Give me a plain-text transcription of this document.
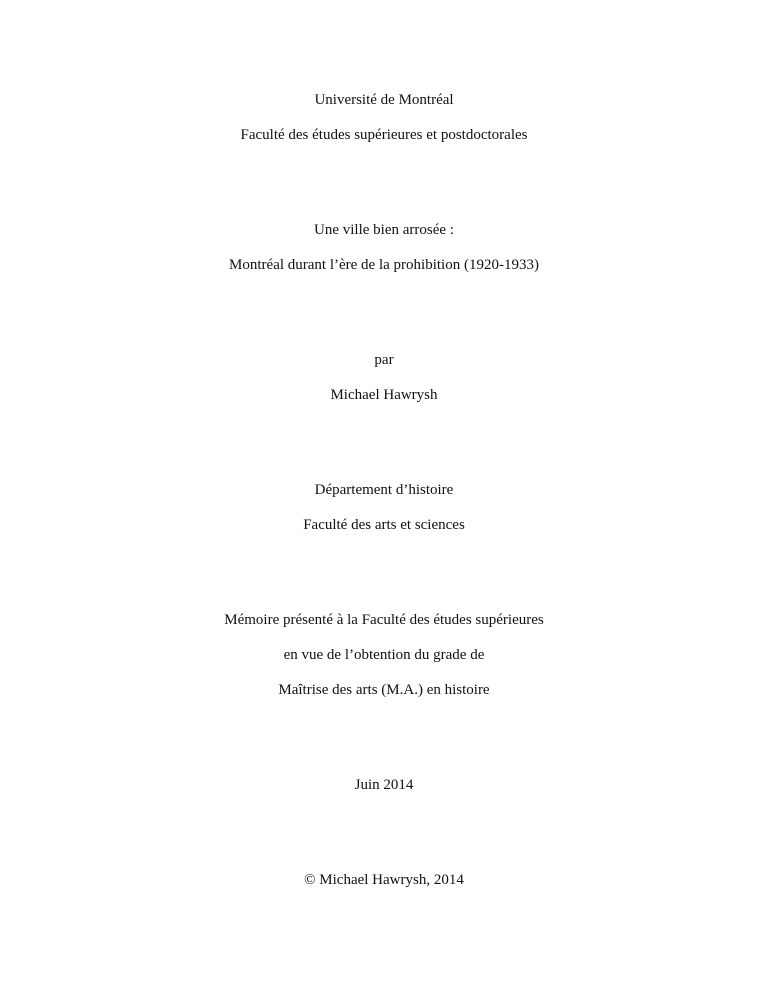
Université de Montréal
Faculté des études supérieures et postdoctorales
Une ville bien arrosée :
Montréal durant l’ère de la prohibition (1920-1933)
par
Michael Hawrysh
Département d’histoire
Faculté des arts et sciences
Mémoire présenté à la Faculté des études supérieures
en vue de l’obtention du grade de
Maîtrise des arts (M.A.) en histoire
Juin 2014
© Michael Hawrysh, 2014
